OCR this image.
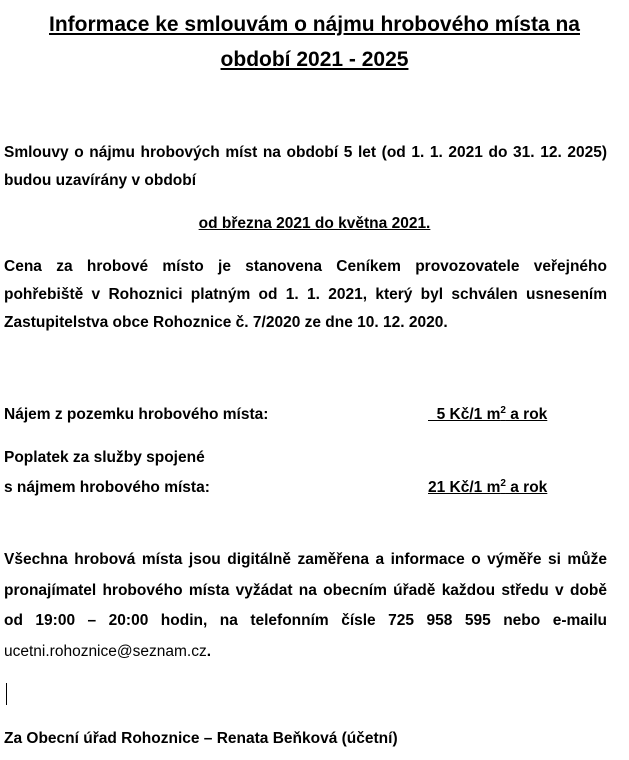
Informace ke smlouvám o nájmu hrobového místa na
období 2021 - 2025
Smlouvy o nájmu hrobových míst na období 5 let (od 1. 1. 2021 do 31. 12. 2025) budou uzavírány v období
od března 2021 do května 2021.
Cena za hrobové místo je stanovena Ceníkem provozovatele veřejného pohřebiště v Rohoznici platným od 1. 1. 2021, který byl schválen usnesením Zastupitelstva obce Rohoznice č. 7/2020 ze dne 10. 12. 2020.
Nájem z pozemku hrobového místa:	5 Kč/1 $m^2$ a rok
Poplatek za služby spojené
s nájmem hrobového místa:	21 Kč/1 $m^2$ a rok
Všechna hrobová místa jsou digitálně zaměřena a informace o výměře si může pronajímatel hrobového místa vyžádat na obecním úřadě každou středu v době od 19:00 – 20:00 hodin, na telefonním čísle 725 958 595 nebo e-mailu ucetni.rohoznice@seznam.cz.
Za Obecní úřad Rohoznice – Renata Beňková (účetní)
